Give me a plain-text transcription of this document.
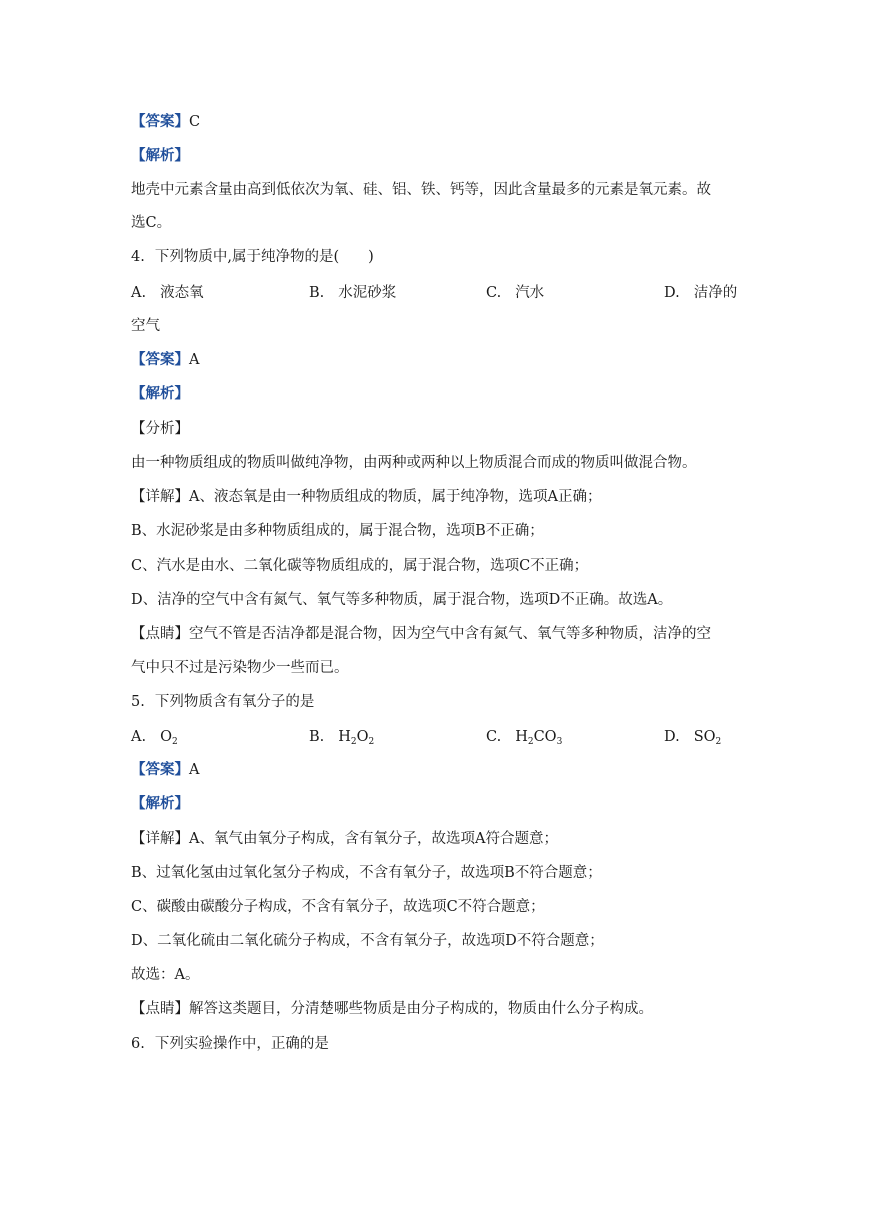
【答案】C
【解析】
地壳中元素含量由高到低依次为氧、硅、铝、铁、钙等，因此含量最多的元素是氧元素。故
选C。
4. 下列物质中,属于纯净物的是(　　)
A. 液态氧	B. 水泥砂浆	C. 汽水	D. 洁净的
空气
【答案】A
【解析】
【分析】
由一种物质组成的物质叫做纯净物，由两种或两种以上物质混合而成的物质叫做混合物。
【详解】A、液态氧是由一种物质组成的物质，属于纯净物，选项A正确；
B、水泥砂浆是由多种物质组成的，属于混合物，选项B不正确；
C、汽水是由水、二氧化碳等物质组成的，属于混合物，选项C不正确；
D、洁净的空气中含有氮气、氧气等多种物质，属于混合物，选项D不正确。故选A。
【点睛】空气不管是否洁净都是混合物，因为空气中含有氮气、氧气等多种物质，洁净的空
气中只不过是污染物少一些而已。
5. 下列物质含有氧分子的是
A. $O_2$	B. $H_2O_2$	C. $H_2CO_3$	D. $SO_2$
【答案】A
【解析】
【详解】A、氧气由氧分子构成，含有氧分子，故选项A符合题意；
B、过氧化氢由过氧化氢分子构成，不含有氧分子，故选项B不符合题意；
C、碳酸由碳酸分子构成，不含有氧分子，故选项C不符合题意；
D、二氧化硫由二氧化硫分子构成，不含有氧分子，故选项D不符合题意；
故选：A。
【点睛】解答这类题目，分清楚哪些物质是由分子构成的，物质由什么分子构成。
6. 下列实验操作中，正确的是
